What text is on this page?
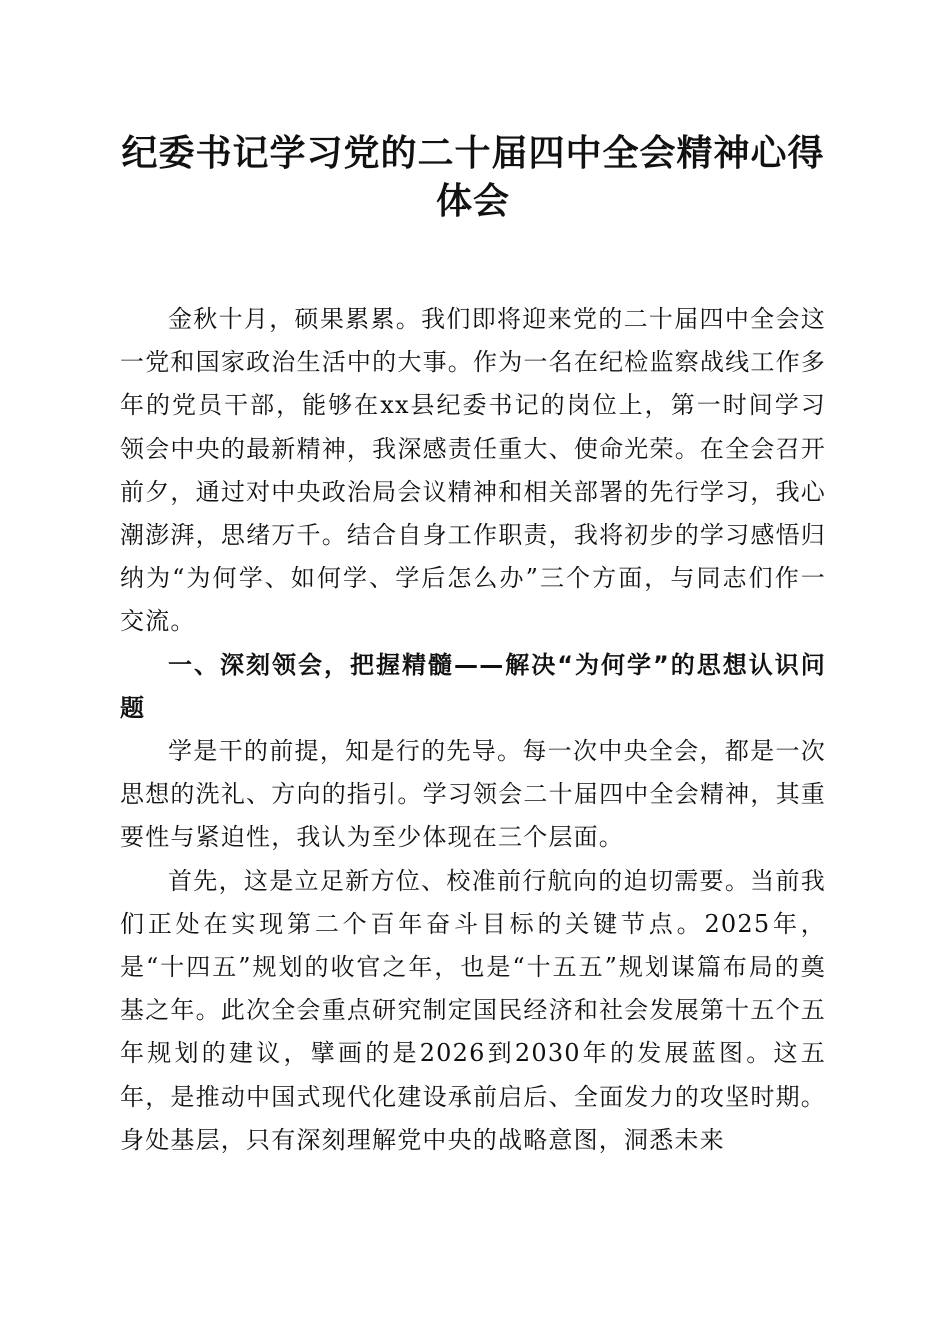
纪委书记学习党的二十届四中全会精神心得体会

金秋十月，硕果累累。我们即将迎来党的二十届四中全会这一党和国家政治生活中的大事。作为一名在纪检监察战线工作多年的党员干部，能够在xx县纪委书记的岗位上，第一时间学习领会中央的最新精神，我深感责任重大、使命光荣。在全会召开前夕，通过对中央政治局会议精神和相关部署的先行学习，我心潮澎湃，思绪万千。结合自身工作职责，我将初步的学习感悟归纳为“为何学、如何学、学后怎么办”三个方面，与同志们作一交流。

一、深刻领会，把握精髓——解决“为何学”的思想认识问题

学是干的前提，知是行的先导。每一次中央全会，都是一次思想的洗礼、方向的指引。学习领会二十届四中全会精神，其重要性与紧迫性，我认为至少体现在三个层面。

首先，这是立足新方位、校准前行航向的迫切需要。当前我们正处在实现第二个百年奋斗目标的关键节点。2025年，是“十四五”规划的收官之年，也是“十五五”规划谋篇布局的奠基之年。此次全会重点研究制定国民经济和社会发展第十五个五年规划的建议，擘画的是2026到2030年的发展蓝图。这五年，是推动中国式现代化建设承前启后、全面发力的攻坚时期。身处基层，只有深刻理解党中央的战略意图，洞悉未来
